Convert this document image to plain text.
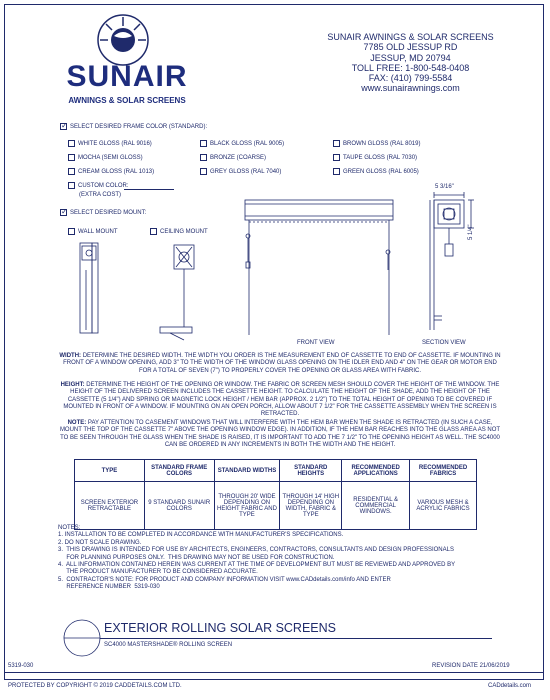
SUNAIR
AWNINGS & SOLAR SCREENS
SUNAIR AWNINGS & SOLAR SCREENS
7785 OLD JESSUP RD
JESSUP, MD 20794
TOLL FREE: 1-800-548-0408
FAX: (410) 799-5584
www.sunairawnings.com
✓SELECT DESIRED FRAME COLOR (STANDARD):
WHITE GLOSS (RAL 9016)	BLACK GLOSS (RAL 9005)	BROWN GLOSS (RAL 8019)
MOCHA (SEMI GLOSS)	BRONZE (COARSE)	TAUPE GLOSS (RAL 7030)
CREAM GLOSS (RAL 1013)	GREY GLOSS (RAL 7040)	GREEN GLOSS (RAL 6005)
CUSTOM COLOR:
(EXTRA COST)
✓SELECT DESIRED MOUNT:
WALL MOUNT	CEILING MOUNT
5 3/16"
5 1/4"
FRONT VIEW	SECTION VIEW
WIDTH: DETERMINE THE DESIRED WIDTH. THE WIDTH YOU ORDER IS THE MEASUREMENT END OF CASSETTE TO END OF CASSETTE. IF MOUNTING IN FRONT OF A WINDOW OPENING, ADD 3" TO THE WIDTH OF THE WINDOW GLASS OPENING ON THE IDLER END AND 4" ON THE GEAR OR MOTOR END FOR A TOTAL OF SEVEN (7") TO PROPERLY COVER THE OPENING OR GLASS AREA WITH FABRIC.
HEIGHT: DETERMINE THE HEIGHT OF THE OPENING OR WINDOW. THE FABRIC OR SCREEN MESH SHOULD COVER THE HEIGHT OF THE WINDOW. THE HEIGHT OF THE DELIVERED SCREEN INCLUDES THE CASSETTE HEIGHT. TO CALCULATE THE HEIGHT OF THE SHADE, ADD THE HEIGHT OF THE CASSETTE (5 1/4") AND SPRING OR MAGNETIC LOCK HEIGHT / HEM BAR (APPROX. 2 1/2") TO THE TOTAL HEIGHT OF OPENING TO BE COVERED IF MOUNTED IN FRONT OF A WINDOW. IF MOUNTING ON AN OPEN PORCH, ALLOW ABOUT 7 1/2" FOR THE CASSETTE ASSEMBLY WHEN THE SCREEN IS RETRACTED.
NOTE: PAY ATTENTION TO CASEMENT WINDOWS THAT WILL INTERFERE WITH THE HEM BAR WHEN THE SHADE IS RETRACTED (IN SUCH A CASE, MOUNT THE TOP OF THE CASSETTE 7" ABOVE THE OPENING WINDOW EDGE). IN ADDITION, IF THE HEM BAR REACHES INTO THE GLASS AREA AS NOT TO BE SEEN THROUGH THE GLASS WHEN THE SHADE IS RAISED, IT IS IMPORTANT TO ADD THE 7 1/2" TO THE OPENING HEIGHT AS WELL. THE SC4000 CAN BE ORDERED IN ANY INCREMENTS IN BOTH THE WIDTH AND THE HEIGHT.
TYPE	STANDARD FRAME COLORS	STANDARD WIDTHS	STANDARD HEIGHTS	RECOMMENDED APPLICATIONS	RECOMMENDED FABRICS
SCREEN EXTERIOR RETRACTABLE	9 STANDARD SUNAIR COLORS	THROUGH 20' WIDE DEPENDING ON HEIGHT FABRIC AND TYPE	THROUGH 14' HIGH DEPENDING ON WIDTH, FABRIC & TYPE	RESIDENTIAL & COMMERCIAL WINDOWS.	VARIOUS MESH & ACRYLIC FABRICS
NOTES:
1. INSTALLATION TO BE COMPLETED IN ACCORDANCE WITH MANUFACTURER'S SPECIFICATIONS.
2. DO NOT SCALE DRAWING.
3.  THIS DRAWING IS INTENDED FOR USE BY ARCHITECTS, ENGINEERS, CONTRACTORS, CONSULTANTS AND DESIGN PROFESSIONALS
FOR PLANNING PURPOSES ONLY.  THIS DRAWING MAY NOT BE USED FOR CONSTRUCTION.
4.  ALL INFORMATION CONTAINED HEREIN WAS CURRENT AT THE TIME OF DEVELOPMENT BUT MUST BE REVIEWED AND APPROVED BY
THE PRODUCT MANUFACTURER TO BE CONSIDERED ACCURATE.
5.  CONTRACTOR'S NOTE: FOR PRODUCT AND COMPANY INFORMATION VISIT www.CADdetails.com/info AND ENTER
REFERENCE NUMBER  5319-030
EXTERIOR ROLLING SOLAR SCREENS
SC4000 MASTERSHADE® ROLLING SCREEN
5319-030	REVISION DATE 21/06/2019
PROTECTED BY COPYRIGHT © 2019 CADDETAILS.COM LTD.	CADdetails.com
